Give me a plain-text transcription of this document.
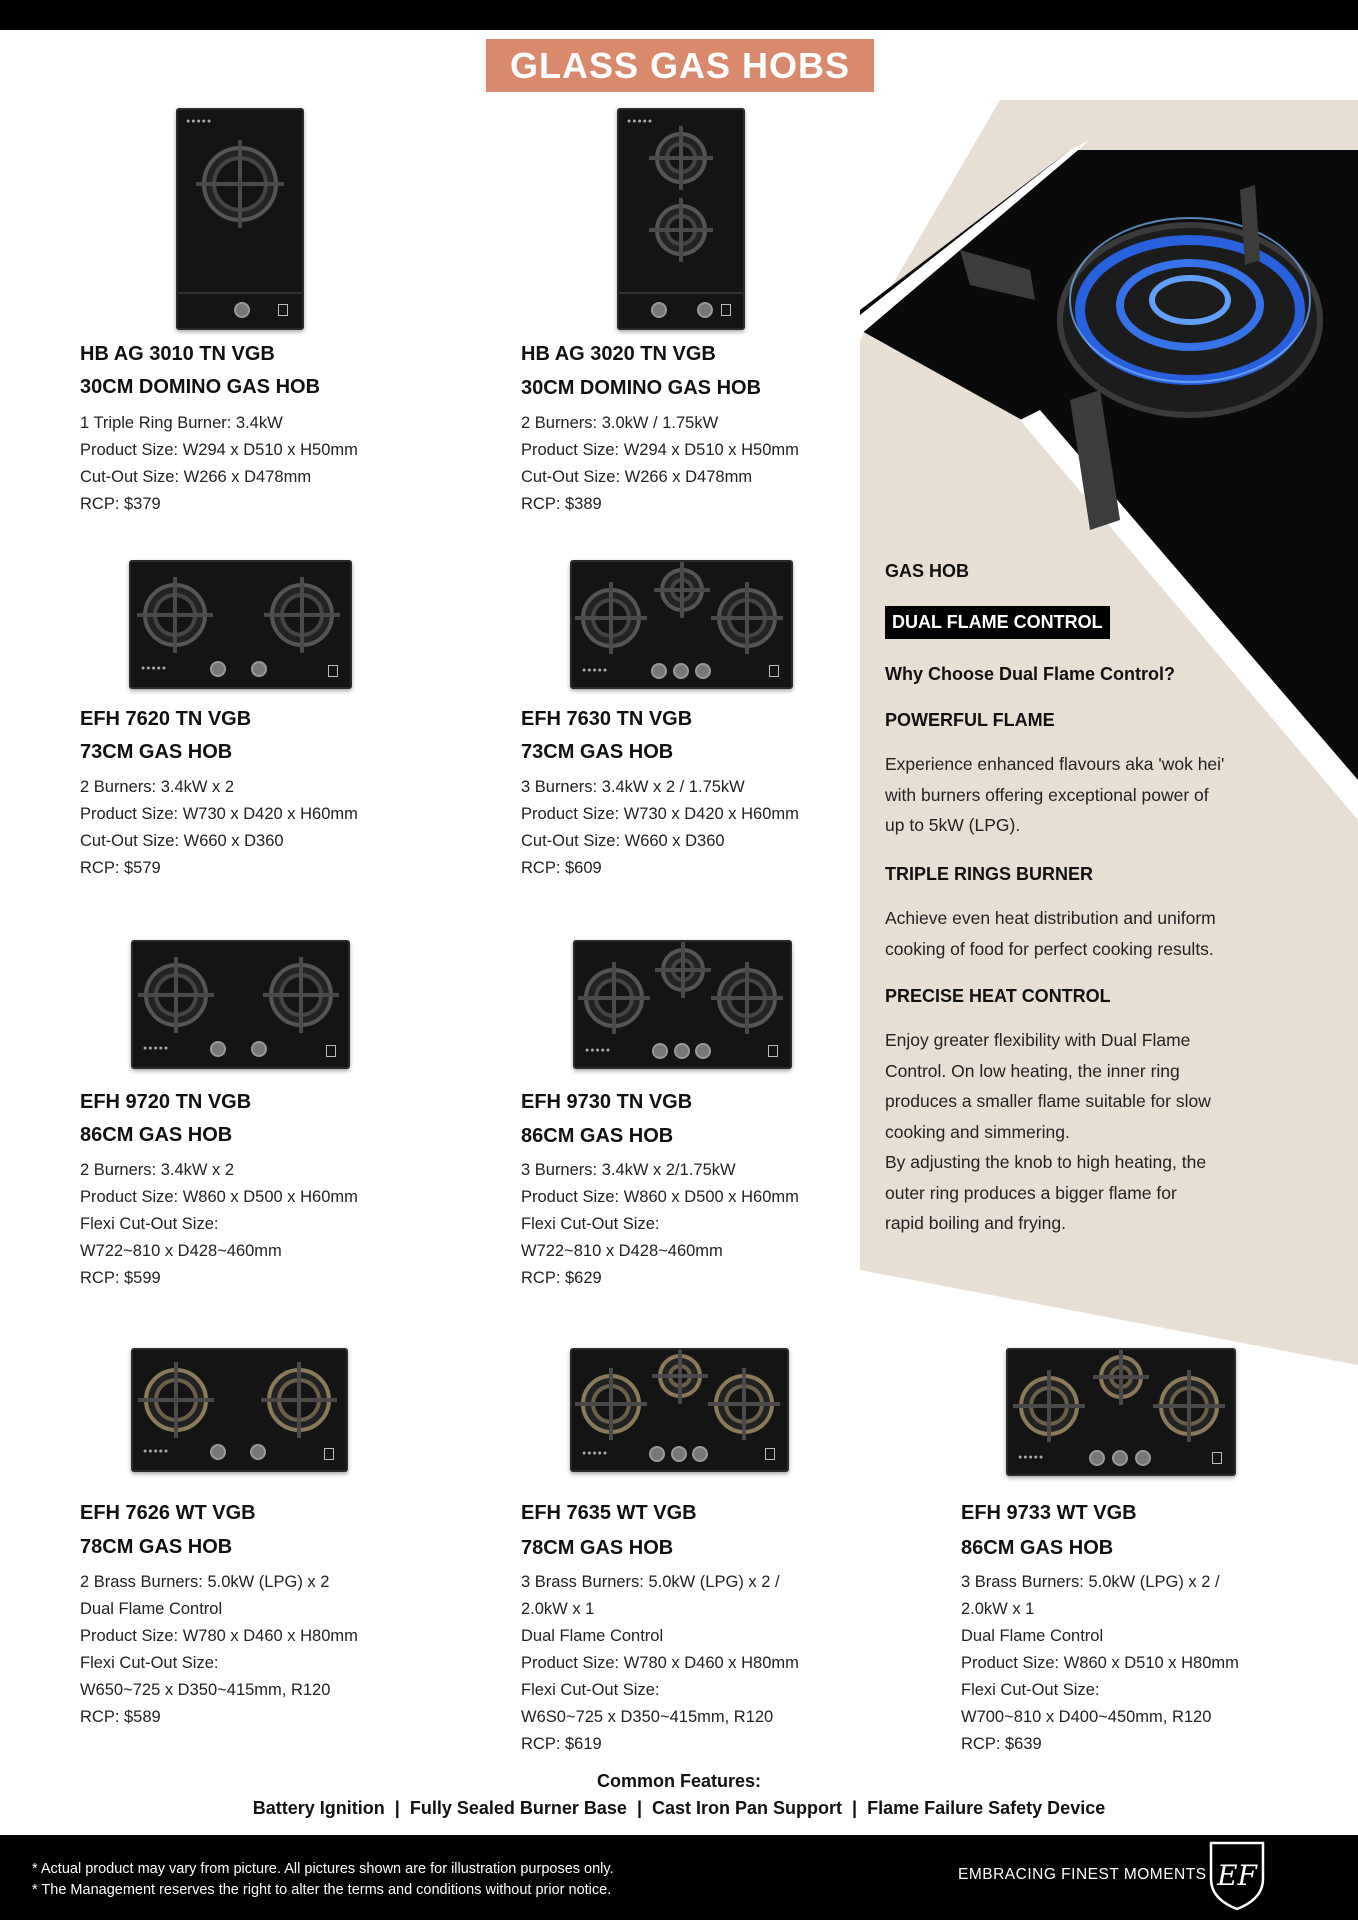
GLASS GAS HOBS
●●●●●
HB AG 3010 TN VGB
30CM DOMINO GAS HOB
1 Triple Ring Burner: 3.4kW
Product Size: W294 x D510 x H50mm
Cut-Out Size: W266 x D478mm
RCP: $379
●●●●●
HB AG 3020 TN VGB
30CM DOMINO GAS HOB
2 Burners: 3.0kW / 1.75kW
Product Size: W294 x D510 x H50mm
Cut-Out Size: W266 x D478mm
RCP: $389
●●●●●
EFH 7620 TN VGB
73CM GAS HOB
2 Burners: 3.4kW x 2
Product Size: W730 x D420 x H60mm
Cut-Out Size: W660 x D360
RCP: $579
●●●●●
EFH 7630 TN VGB
73CM GAS HOB
3 Burners: 3.4kW x 2 / 1.75kW
Product Size: W730 x D420 x H60mm
Cut-Out Size: W660 x D360
RCP: $609
●●●●●
EFH 9720 TN VGB
86CM GAS HOB
2 Burners: 3.4kW x 2
Product Size: W860 x D500 x H60mm
Flexi Cut-Out Size:
W722~810 x D428~460mm
RCP: $599
●●●●●
EFH 9730 TN VGB
86CM GAS HOB
3 Burners: 3.4kW x 2/1.75kW
Product Size: W860 x D500 x H60mm
Flexi Cut-Out Size:
W722~810 x D428~460mm
RCP: $629
●●●●●
EFH 7626 WT VGB
78CM GAS HOB
2 Brass Burners: 5.0kW (LPG) x 2
Dual Flame Control
Product Size: W780 x D460 x H80mm
Flexi Cut-Out Size:
W650~725 x D350~415mm, R120
RCP: $589
●●●●●
EFH 7635 WT VGB
78CM GAS HOB
3 Brass Burners: 5.0kW (LPG) x 2 /
2.0kW x 1
Dual Flame Control
Product Size: W780 x D460 x H80mm
Flexi Cut-Out Size:
W6S0~725 x D350~415mm, R120
RCP: $619
●●●●●
EFH 9733 WT VGB
86CM GAS HOB
3 Brass Burners: 5.0kW (LPG) x 2 /
2.0kW x 1
Dual Flame Control
Product Size: W860 x D510 x H80mm
Flexi Cut-Out Size:
W700~810 x D400~450mm, R120
RCP: $639
GAS HOB
DUAL FLAME CONTROL
Why Choose Dual Flame Control?
POWERFUL FLAME
Experience enhanced flavours aka 'wok hei'
with burners offering exceptional power of
up to 5kW (LPG).
TRIPLE RINGS BURNER
Achieve even heat distribution and uniform
cooking of food for perfect cooking results.
PRECISE HEAT CONTROL
Enjoy greater flexibility with Dual Flame
Control. On low heating, the inner ring
produces a smaller flame suitable for slow
cooking and simmering.
By adjusting the knob to high heating, the
outer ring produces a bigger flame for
rapid boiling and frying.
Common Features:
Battery Ignition  |  Fully Sealed Burner Base  |  Cast Iron Pan Support  |  Flame Failure Safety Device
* Actual product may vary from picture. All pictures shown are for illustration purposes only.
* The Management reserves the right to alter the terms and conditions without prior notice.
EMBRACING FINEST MOMENTS EF
